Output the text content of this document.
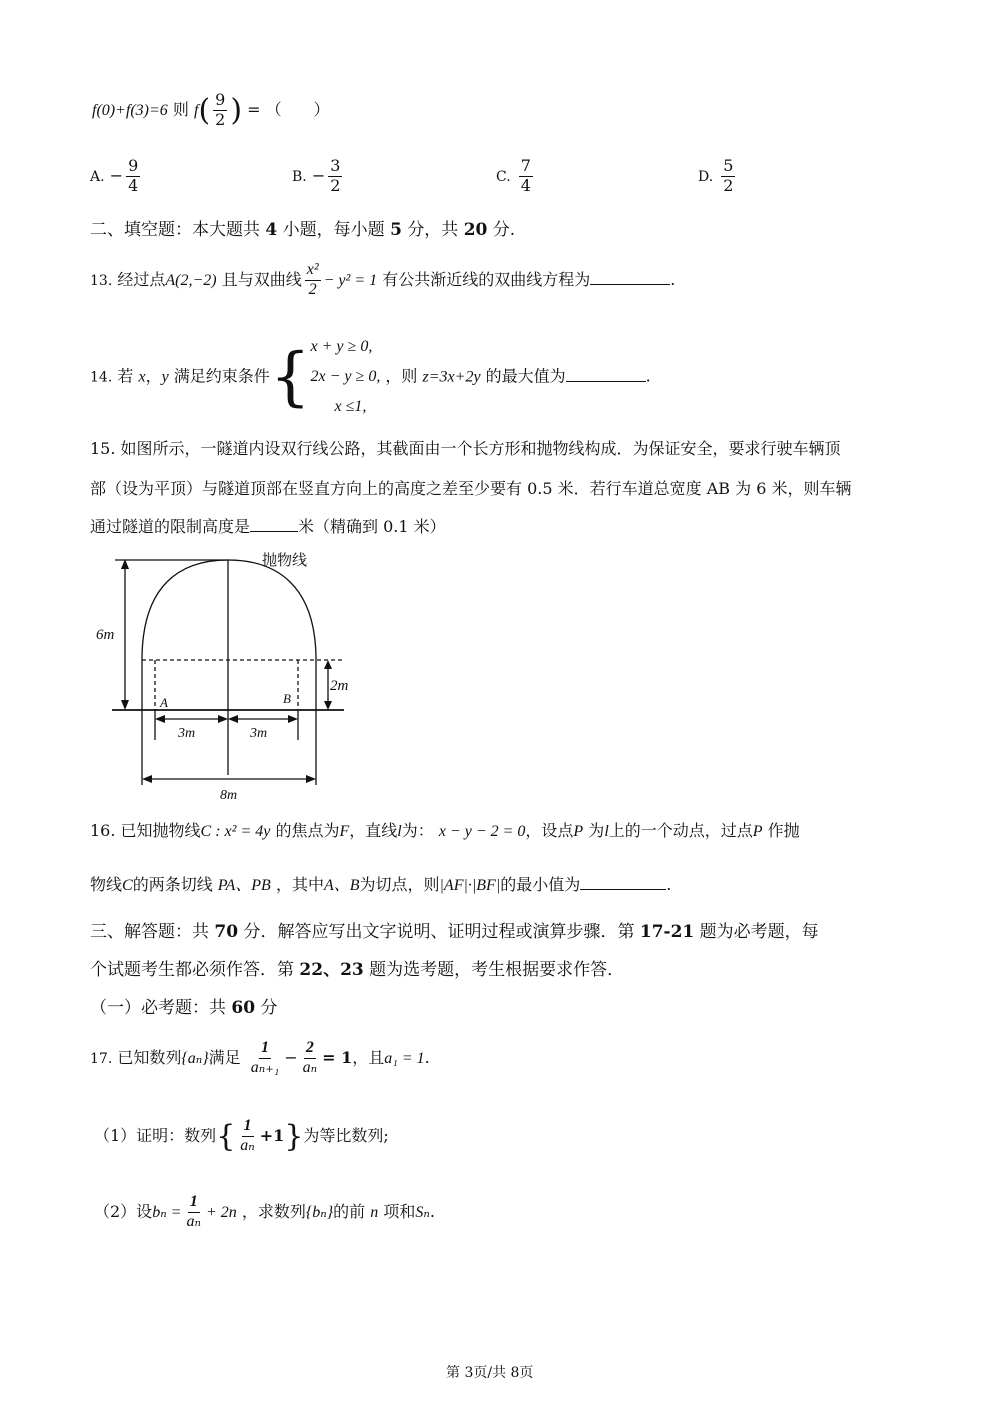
f(0)+f(3)=6 则 $f( \frac{9}{2}$ ) = （　　）
A. − $\frac{9}{4}$	B. − $\frac{3}{2}$	C. $\frac{7}{4}$	D. $\frac{5}{2}$
二、填空题：本大题共 4 小题，每小题 5 分，共 20 分.
13. 经过点A(2,−2) 且与双曲线 $\frac{\text{x²}}{2} - y^2 = 1$ 有公共渐近线的双曲线方程为	.
14. 若 x，y 满足约束条件{ x + y ≥ 0,
2x − y ≥ 0,
x ≤1,
，则 z=3x+2y 的最大值为	.
15. 如图所示，一隧道内设双行线公路，其截面由一个长方形和抛物线构成．为保证安全，要求行驶车辆顶
部（设为平顶）与隧道顶部在竖直方向上的高度之差至少要有 0.5 米．若行车道总宽度 AB 为 6 米，则车辆
通过隧道的限制高度是	米（精确到 0.1 米）
抛物线
6m
2m
A	B
3m	3m
8m
16. 已知抛物线C : x² = 4y 的焦点为F，直线l为： x − y − 2 = 0，设点P 为l上的一个动点，过点P 作抛
物线C的两条切线 PA、PB ，其中A、B为切点，则|AF|·|BF|的最小值为	.
三、解答题：共 70 分．解答应写出文字说明、证明过程或演算步骤．第 17-21 题为必考题，每
个试题考生都必须作答．第 22、23 题为选考题，考生根据要求作答．
（一）必考题：共 60 分
17. 已知数列{aₙ}满足 $\frac{1}{\text{aₙ₊₁}} - \frac{2}{\text{aₙ}} = 1$，且a₁ = 1.
（1）证明：数列{ $\frac{1}{\text{aₙ}} +1$}为等比数列;
（2）设$b_n = \frac{1}{\text{aₙ}} + 2n$ ，求数列{bₙ}的前 n 项和Sₙ.
第 3页/共 8页
